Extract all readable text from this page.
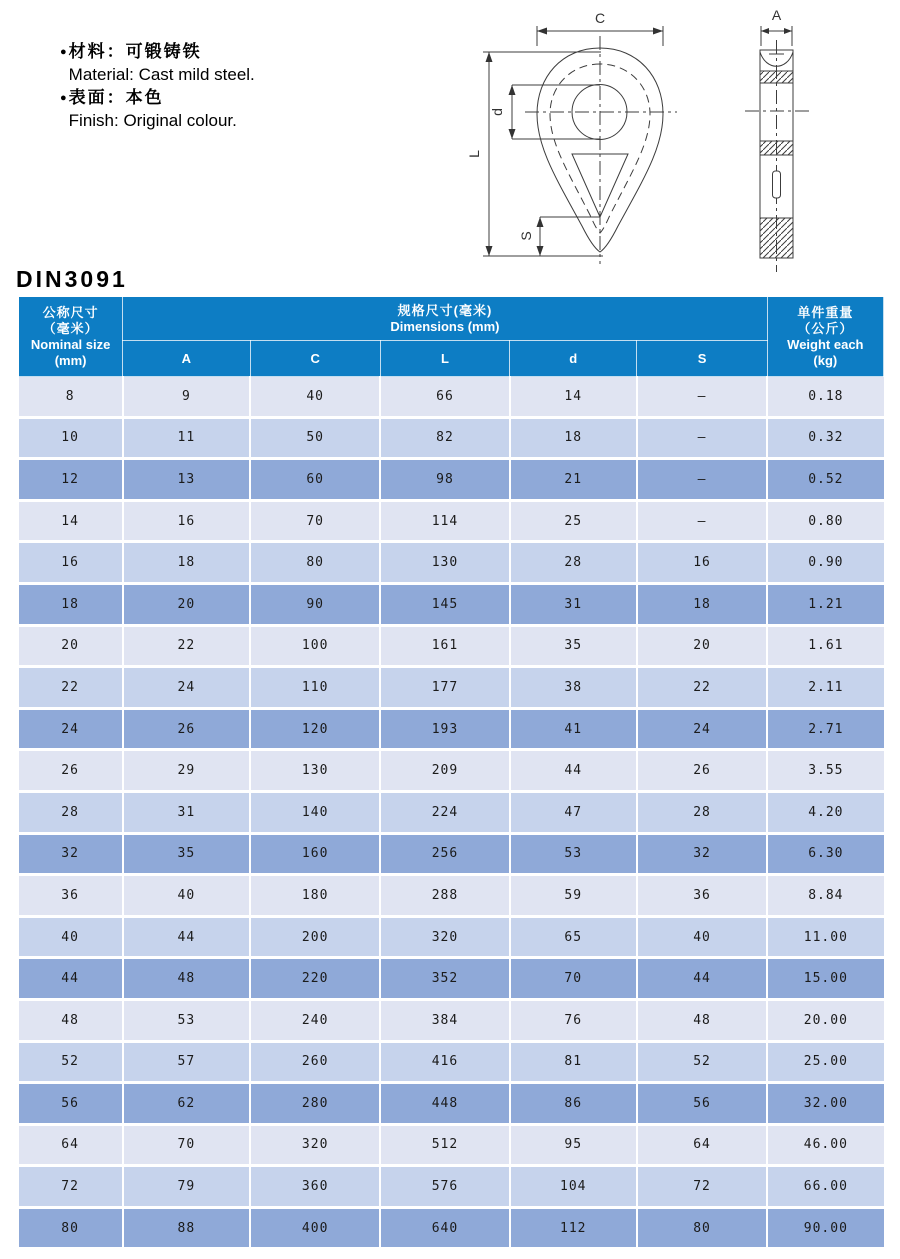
● 材料：可锻铸铁
Material: Cast mild steel.
● 表面：本色
Finish: Original colour.
C
L
d
S
A
DIN3091
公称尺寸
（毫米）
Nominal size
(mm)

规格尺寸(毫米)
Dimensions (mm)

单件重量
（公斤）
Weight each
(kg)

	A	C	L	d	S	
8	9	40	66	14	–	0.18
10	11	50	82	18	–	0.32
12	13	60	98	21	–	0.52
14	16	70	114	25	–	0.80
16	18	80	130	28	16	0.90
18	20	90	145	31	18	1.21
20	22	100	161	35	20	1.61
22	24	110	177	38	22	2.11
24	26	120	193	41	24	2.71
26	29	130	209	44	26	3.55
28	31	140	224	47	28	4.20
32	35	160	256	53	32	6.30
36	40	180	288	59	36	8.84
40	44	200	320	65	40	11.00
44	48	220	352	70	44	15.00
48	53	240	384	76	48	20.00
52	57	260	416	81	52	25.00
56	62	280	448	86	56	32.00
64	70	320	512	95	64	46.00
72	79	360	576	104	72	66.00
80	88	400	640	112	80	90.00
